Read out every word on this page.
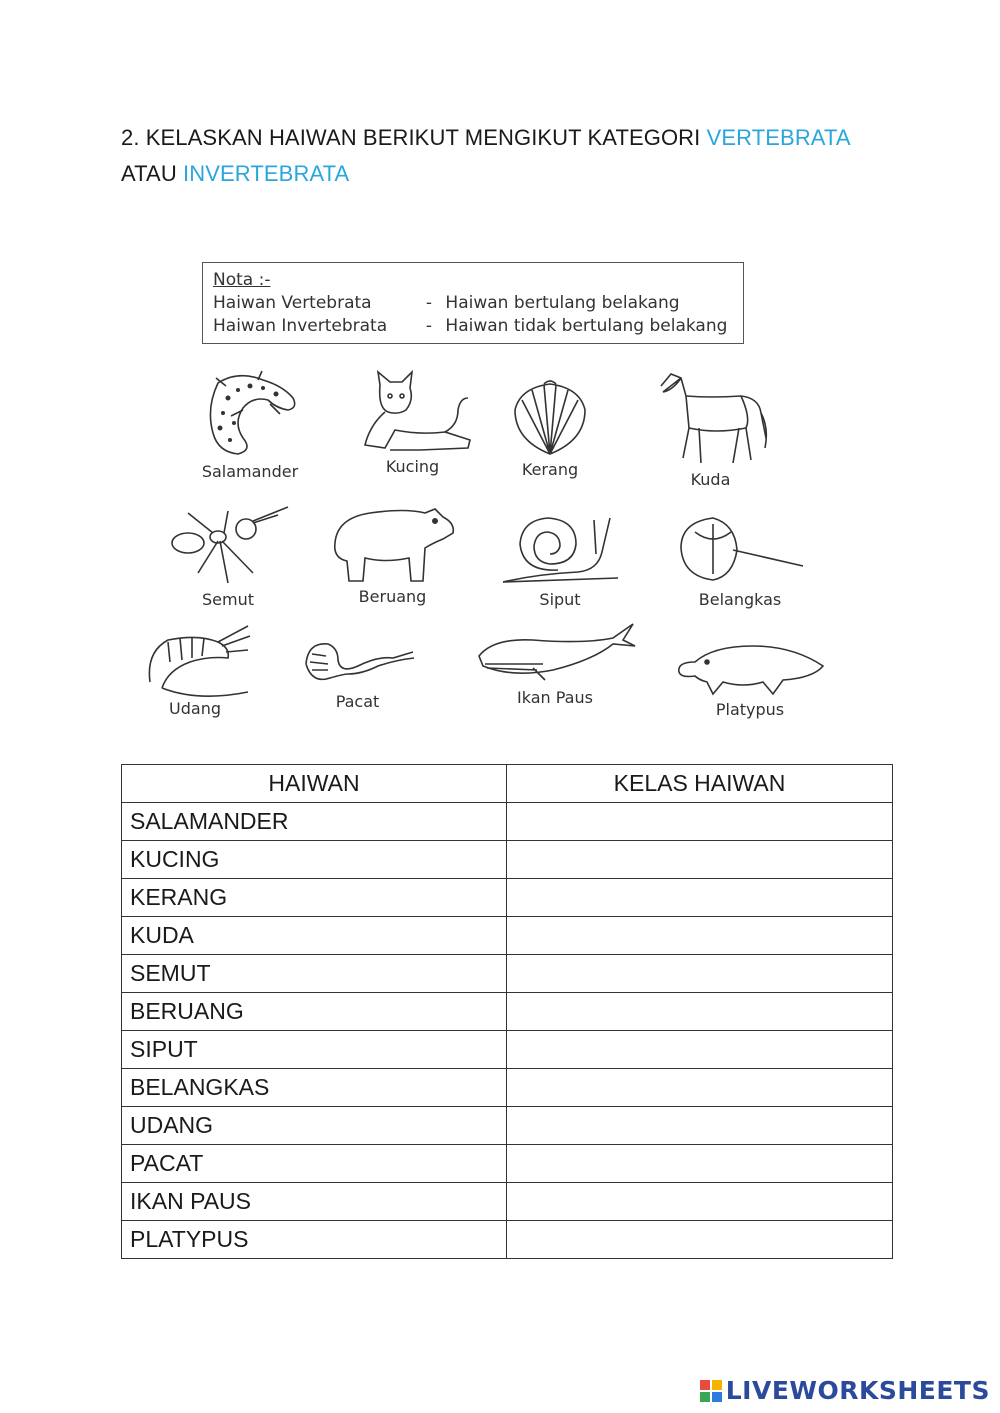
2. KELASKAN HAIWAN BERIKUT MENGIKUT KATEGORI VERTEBRATA
ATAU INVERTEBRATA
Nota :-
Haiwan Vertebrata	- Haiwan bertulang belakang
Haiwan Invertebrata - Haiwan tidak bertulang belakang
Salamander	Kucing	Kerang
Kuda
Semut	Beruang	Siput	Belangkas
Udang	Pacat	Ikan Paus
Platypus
HAIWAN	KELAS HAIWAN
SALAMANDER	
KUCING	
KERANG	
KUDA	
SEMUT	
BERUANG	
SIPUT	
BELANGKAS	
UDANG	
PACAT	
IKAN PAUS	
PLATYPUS	
LIVEWORKSHEETS
